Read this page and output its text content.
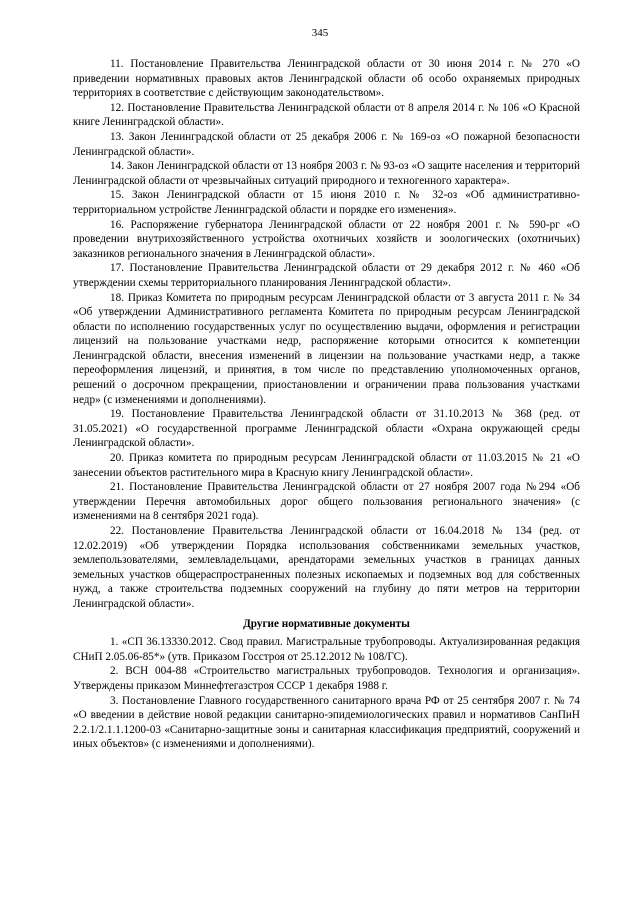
345

11. Постановление Правительства Ленинградской области от 30 июня 2014 г. № 270 «О приведении нормативных правовых актов Ленинградской области об особо охраняемых природных территориях в соответствие с действующим законодательством».

12. Постановление Правительства Ленинградской области от 8 апреля 2014 г. № 106 «О Красной книге Ленинградской области».

13. Закон Ленинградской области от 25 декабря 2006 г. № 169-оз «О пожарной безопасности Ленинградской области».

14. Закон Ленинградской области от 13 ноября 2003 г. № 93-оз «О защите населения и территорий Ленинградской области от чрезвычайных ситуаций природного и техногенного характера».

15. Закон Ленинградской области от 15 июня 2010 г. № 32-оз «Об административно-территориальном устройстве Ленинградской области и порядке его изменения».

16. Распоряжение губернатора Ленинградской области от 22 ноября 2001 г. № 590-рг «О проведении внутрихозяйственного устройства охотничьих хозяйств и зоологических (охотничьих) заказников регионального значения в Ленинградской области».

17. Постановление Правительства Ленинградской области от 29 декабря 2012 г. № 460 «Об утверждении схемы территориального планирования Ленинградской области».

18. Приказ Комитета по природным ресурсам Ленинградской области от 3 августа 2011 г. № 34 «Об утверждении Административного регламента Комитета по природным ресурсам Ленинградской области по исполнению государственных услуг по осуществлению выдачи, оформления и регистрации лицензий на пользование участками недр, распоряжение которыми относится к компетенции Ленинградской области, внесения изменений в лицензии на пользование участками недр, а также переоформления лицензий, и принятия, в том числе по представлению уполномоченных органов, решений о досрочном прекращении, приостановлении и ограничении права пользования участками недр» (с изменениями и дополнениями).

19. Постановление Правительства Ленинградской области от 31.10.2013 № 368 (ред. от 31.05.2021) «О государственной программе Ленинградской области «Охрана окружающей среды Ленинградской области».

20. Приказ комитета по природным ресурсам Ленинградской области от 11.03.2015 № 21 «О занесении объектов растительного мира в Красную книгу Ленинградской области».

21. Постановление Правительства Ленинградской области от 27 ноября 2007 года №294 «Об утверждении Перечня автомобильных дорог общего пользования регионального значения» (с изменениями на 8 сентября 2021 года).

22. Постановление Правительства Ленинградской области от 16.04.2018 № 134 (ред. от 12.02.2019) «Об утверждении Порядка использования собственниками земельных участков, землепользователями, землевладельцами, арендаторами земельных участков в границах данных земельных участков общераспространенных полезных ископаемых и подземных вод для собственных нужд, а также строительства подземных сооружений на глубину до пяти метров на территории Ленинградской области».

Другие нормативные документы

1. «СП 36.13330.2012. Свод правил. Магистральные трубопроводы. Актуализированная редакция СНиП 2.05.06-85*» (утв. Приказом Госстроя от 25.12.2012 № 108/ГС).

2. ВСН 004-88 «Строительство магистральных трубопроводов. Технология и организация». Утверждены приказом Миннефтегазстроя СССР 1 декабря 1988 г.

3. Постановление Главного государственного санитарного врача РФ от 25 сентября 2007 г. № 74 «О введении в действие новой редакции санитарно-эпидемиологических правил и нормативов СанПиН 2.2.1/2.1.1.1200-03 «Санитарно-защитные зоны и санитарная классификация предприятий, сооружений и иных объектов» (с изменениями и дополнениями).
